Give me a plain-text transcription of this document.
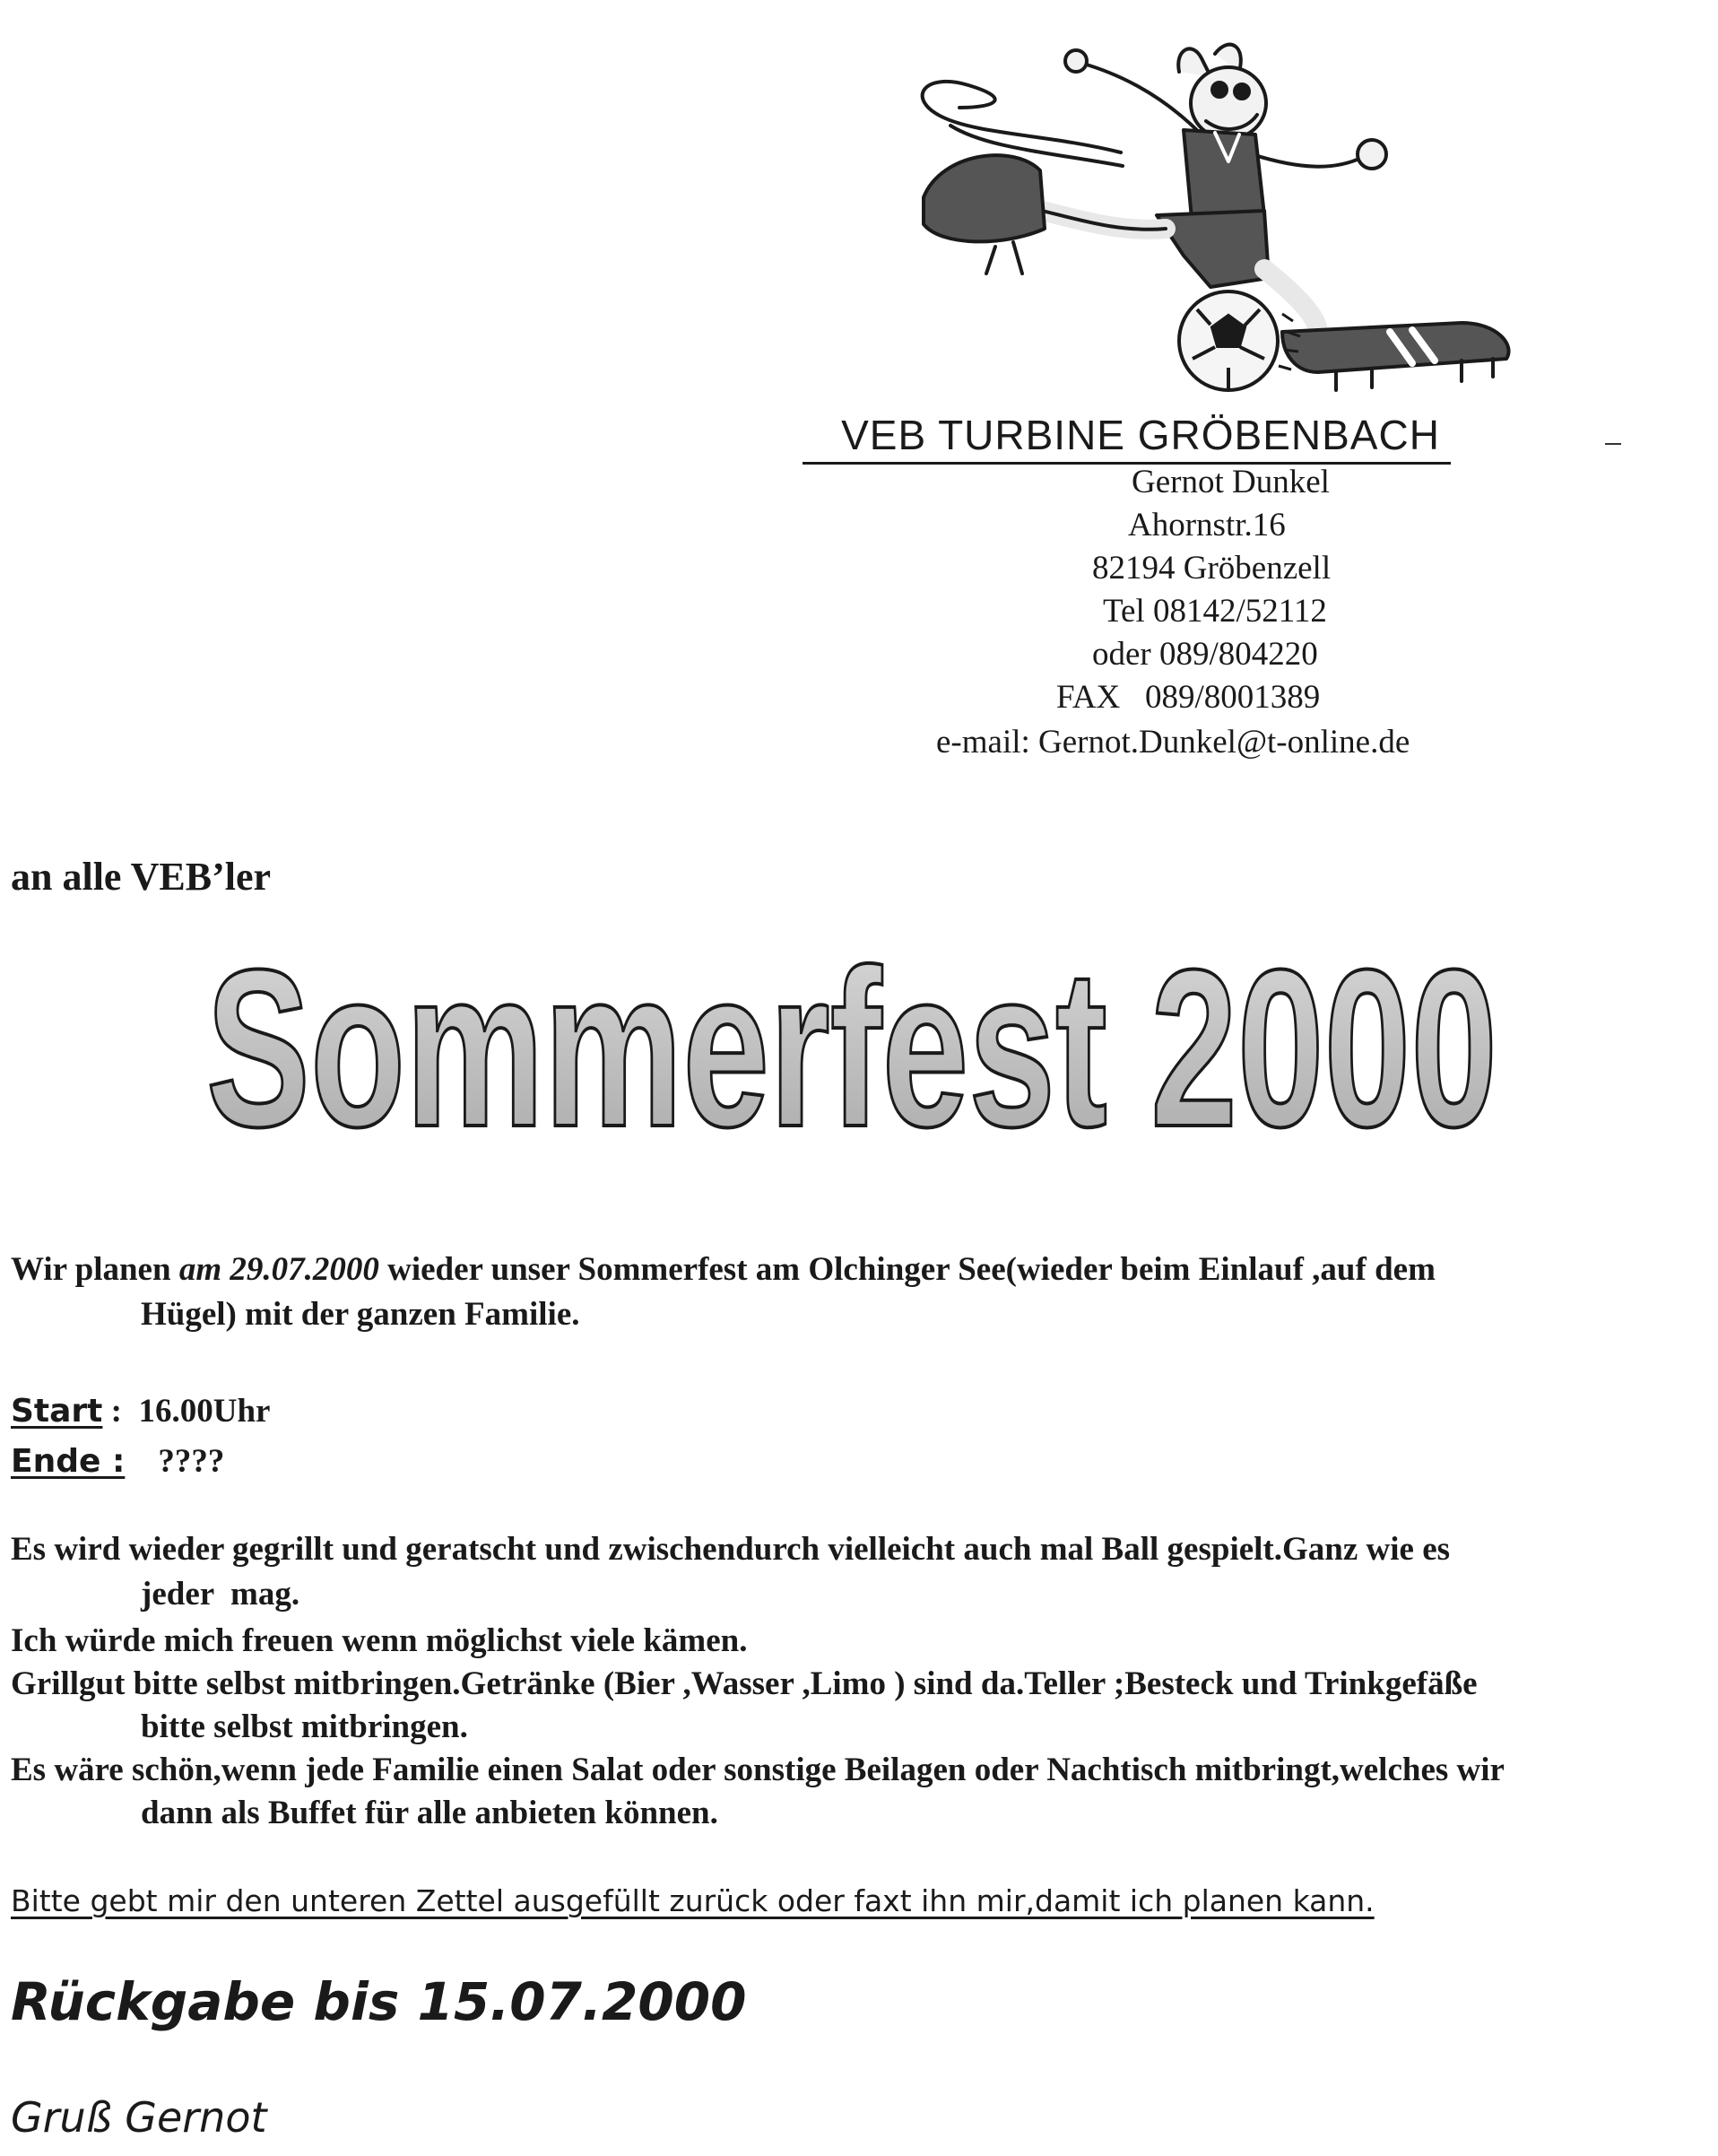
VEB TURBINE GRÖBENBACH
Gernot Dunkel
Ahornstr.16
82194 Gröbenzell
Tel 08142/52112
oder 089/804220
FAX   089/8001389
e-mail: Gernot.Dunkel@t-online.de
an alle VEB’ler
Sommerfest 2000
Wir planen am 29.07.2000 wieder unser Sommerfest am Olchinger See(wieder beim Einlauf ,auf dem
Hügel) mit der ganzen Familie.
Start :  16.00Uhr
Ende : ????
Es wird wieder gegrillt und geratscht und zwischendurch vielleicht auch mal Ball gespielt.Ganz wie es
jeder  mag.
Ich würde mich freuen wenn möglichst viele kämen.
Grillgut bitte selbst mitbringen.Getränke (Bier ,Wasser ,Limo ) sind da.Teller ;Besteck und Trinkgefäße
bitte selbst mitbringen.
Es wäre schön,wenn jede Familie einen Salat oder sonstige Beilagen oder Nachtisch mitbringt,welches wir
dann als Buffet für alle anbieten können.
Bitte gebt mir den unteren Zettel ausgefüllt zurück oder faxt ihn mir,damit ich planen kann.
Rückgabe bis 15.07.2000
Gruß Gernot
